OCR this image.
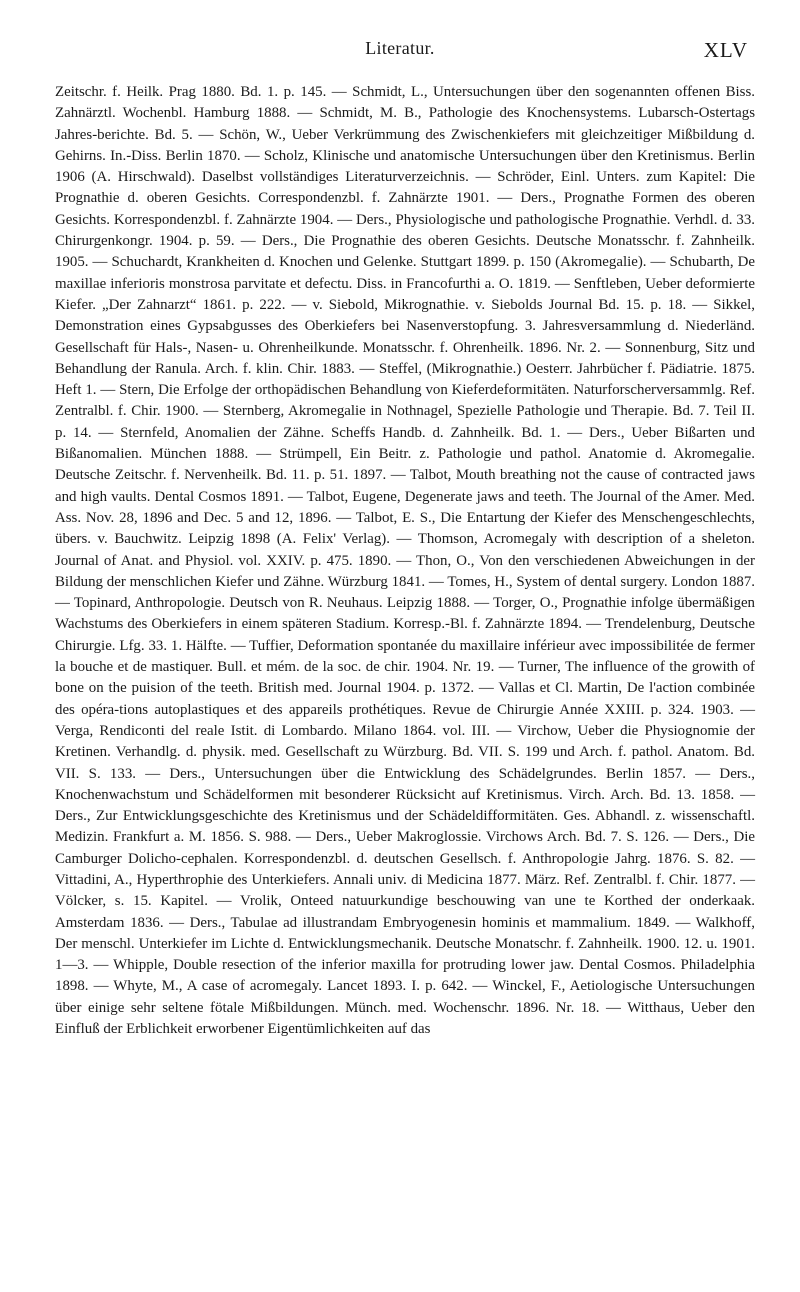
Literatur.	XLV

Zeitschr. f. Heilk. Prag 1880. Bd. 1. p. 145. — Schmidt, L., Untersuchungen über den sogenannten offenen Biss. Zahnärztl. Wochenbl. Hamburg 1888. — Schmidt, M. B., Pathologie des Knochensystems. Lubarsch-Ostertags Jahres-berichte. Bd. 5. — Schön, W., Ueber Verkrümmung des Zwischenkiefers mit gleichzeitiger Mißbildung d. Gehirns. In.-Diss. Berlin 1870. — Scholz, Klinische und anatomische Untersuchungen über den Kretinismus. Berlin 1906 (A. Hirschwald). Daselbst vollständiges Literaturverzeichnis. — Schröder, Einl. Unters. zum Kapitel: Die Prognathie d. oberen Gesichts. Correspondenzbl. f. Zahnärzte 1901. — Ders., Prognathe Formen des oberen Gesichts. Korrespondenzbl. f. Zahnärzte 1904. — Ders., Physiologische und pathologische Prognathie. Verhdl. d. 33. Chirurgenkongr. 1904. p. 59. — Ders., Die Prognathie des oberen Gesichts. Deutsche Monatsschr. f. Zahnheilk. 1905. — Schuchardt, Krankheiten d. Knochen und Gelenke. Stuttgart 1899. p. 150 (Akromegalie). — Schubarth, De maxillae inferioris monstrosa parvitate et defectu. Diss. in Francofurthi a. O. 1819. — Senftleben, Ueber deformierte Kiefer. „Der Zahnarzt“ 1861. p. 222. — v. Siebold, Mikrognathie. v. Siebolds Journal Bd. 15. p. 18. — Sikkel, Demonstration eines Gypsabgusses des Oberkiefers bei Nasenverstopfung. 3. Jahresversammlung d. Niederländ. Gesellschaft für Hals-, Nasen- u. Ohrenheilkunde. Monatsschr. f. Ohrenheilk. 1896. Nr. 2. — Sonnenburg, Sitz und Behandlung der Ranula. Arch. f. klin. Chir. 1883. — Steffel, (Mikrognathie.) Oesterr. Jahrbücher f. Pädiatrie. 1875. Heft 1. — Stern, Die Erfolge der orthopädischen Behandlung von Kieferdeformitäten. Naturforscherversammlg. Ref. Zentralbl. f. Chir. 1900. — Sternberg, Akromegalie in Nothnagel, Spezielle Pathologie und Therapie. Bd. 7. Teil II. p. 14. — Sternfeld, Anomalien der Zähne. Scheffs Handb. d. Zahnheilk. Bd. 1. — Ders., Ueber Bißarten und Bißanomalien. München 1888. — Strümpell, Ein Beitr. z. Pathologie und pathol. Anatomie d. Akromegalie. Deutsche Zeitschr. f. Nervenheilk. Bd. 11. p. 51. 1897. — Talbot, Mouth breathing not the cause of contracted jaws and high vaults. Dental Cosmos 1891. — Talbot, Eugene, Degenerate jaws and teeth. The Journal of the Amer. Med. Ass. Nov. 28, 1896 and Dec. 5 and 12, 1896. — Talbot, E. S., Die Entartung der Kiefer des Menschengeschlechts, übers. v. Bauchwitz. Leipzig 1898 (A. Felix' Verlag). — Thomson, Acromegaly with description of a sheleton. Journal of Anat. and Physiol. vol. XXIV. p. 475. 1890. — Thon, O., Von den verschiedenen Abweichungen in der Bildung der menschlichen Kiefer und Zähne. Würzburg 1841. — Tomes, H., System of dental surgery. London 1887. — Topinard, Anthropologie. Deutsch von R. Neuhaus. Leipzig 1888. — Torger, O., Prognathie infolge übermäßigen Wachstums des Oberkiefers in einem späteren Stadium. Korresp.-Bl. f. Zahnärzte 1894. — Trendelenburg, Deutsche Chirurgie. Lfg. 33. 1. Hälfte. — Tuffier, Deformation spontanée du maxillaire inférieur avec impossibilitée de fermer la bouche et de mastiquer. Bull. et mém. de la soc. de chir. 1904. Nr. 19. — Turner, The influence of the growith of bone on the puision of the teeth. British med. Journal 1904. p. 1372. — Vallas et Cl. Martin, De l'action combinée des opéra-tions autoplastiques et des appareils prothétiques. Revue de Chirurgie Année XXIII. p. 324. 1903. — Verga, Rendiconti del reale Istit. di Lombardo. Milano 1864. vol. III. — Virchow, Ueber die Physiognomie der Kretinen. Verhandlg. d. physik. med. Gesellschaft zu Würzburg. Bd. VII. S. 199 und Arch. f. pathol. Anatom. Bd. VII. S. 133. — Ders., Untersuchungen über die Entwicklung des Schädelgrundes. Berlin 1857. — Ders., Knochenwachstum und Schädelformen mit besonderer Rücksicht auf Kretinismus. Virch. Arch. Bd. 13. 1858. — Ders., Zur Entwicklungsgeschichte des Kretinismus und der Schädeldifformitäten. Ges. Abhandl. z. wissenschaftl. Medizin. Frankfurt a. M. 1856. S. 988. — Ders., Ueber Makroglossie. Virchows Arch. Bd. 7. S. 126. — Ders., Die Camburger Dolicho-cephalen. Korrespondenzbl. d. deutschen Gesellsch. f. Anthropologie Jahrg. 1876. S. 82. — Vittadini, A., Hyperthrophie des Unterkiefers. Annali univ. di Medicina 1877. März. Ref. Zentralbl. f. Chir. 1877. — Völcker, s. 15. Kapitel. — Vrolik, Onteed natuurkundige beschouwing van une te Korthed der onderkaak. Amsterdam 1836. — Ders., Tabulae ad illustrandam Embryogenesin hominis et mammalium. 1849. — Walkhoff, Der menschl. Unterkiefer im Lichte d. Entwicklungsmechanik. Deutsche Monatschr. f. Zahnheilk. 1900. 12. u. 1901. 1—3. — Whipple, Double resection of the inferior maxilla for protruding lower jaw. Dental Cosmos. Philadelphia 1898. — Whyte, M., A case of acromegaly. Lancet 1893. I. p. 642. — Winckel, F., Aetiologische Untersuchungen über einige sehr seltene fötale Mißbildungen. Münch. med. Wochenschr. 1896. Nr. 18. — Witthaus, Ueber den Einfluß der Erblichkeit erworbener Eigentümlichkeiten auf das
